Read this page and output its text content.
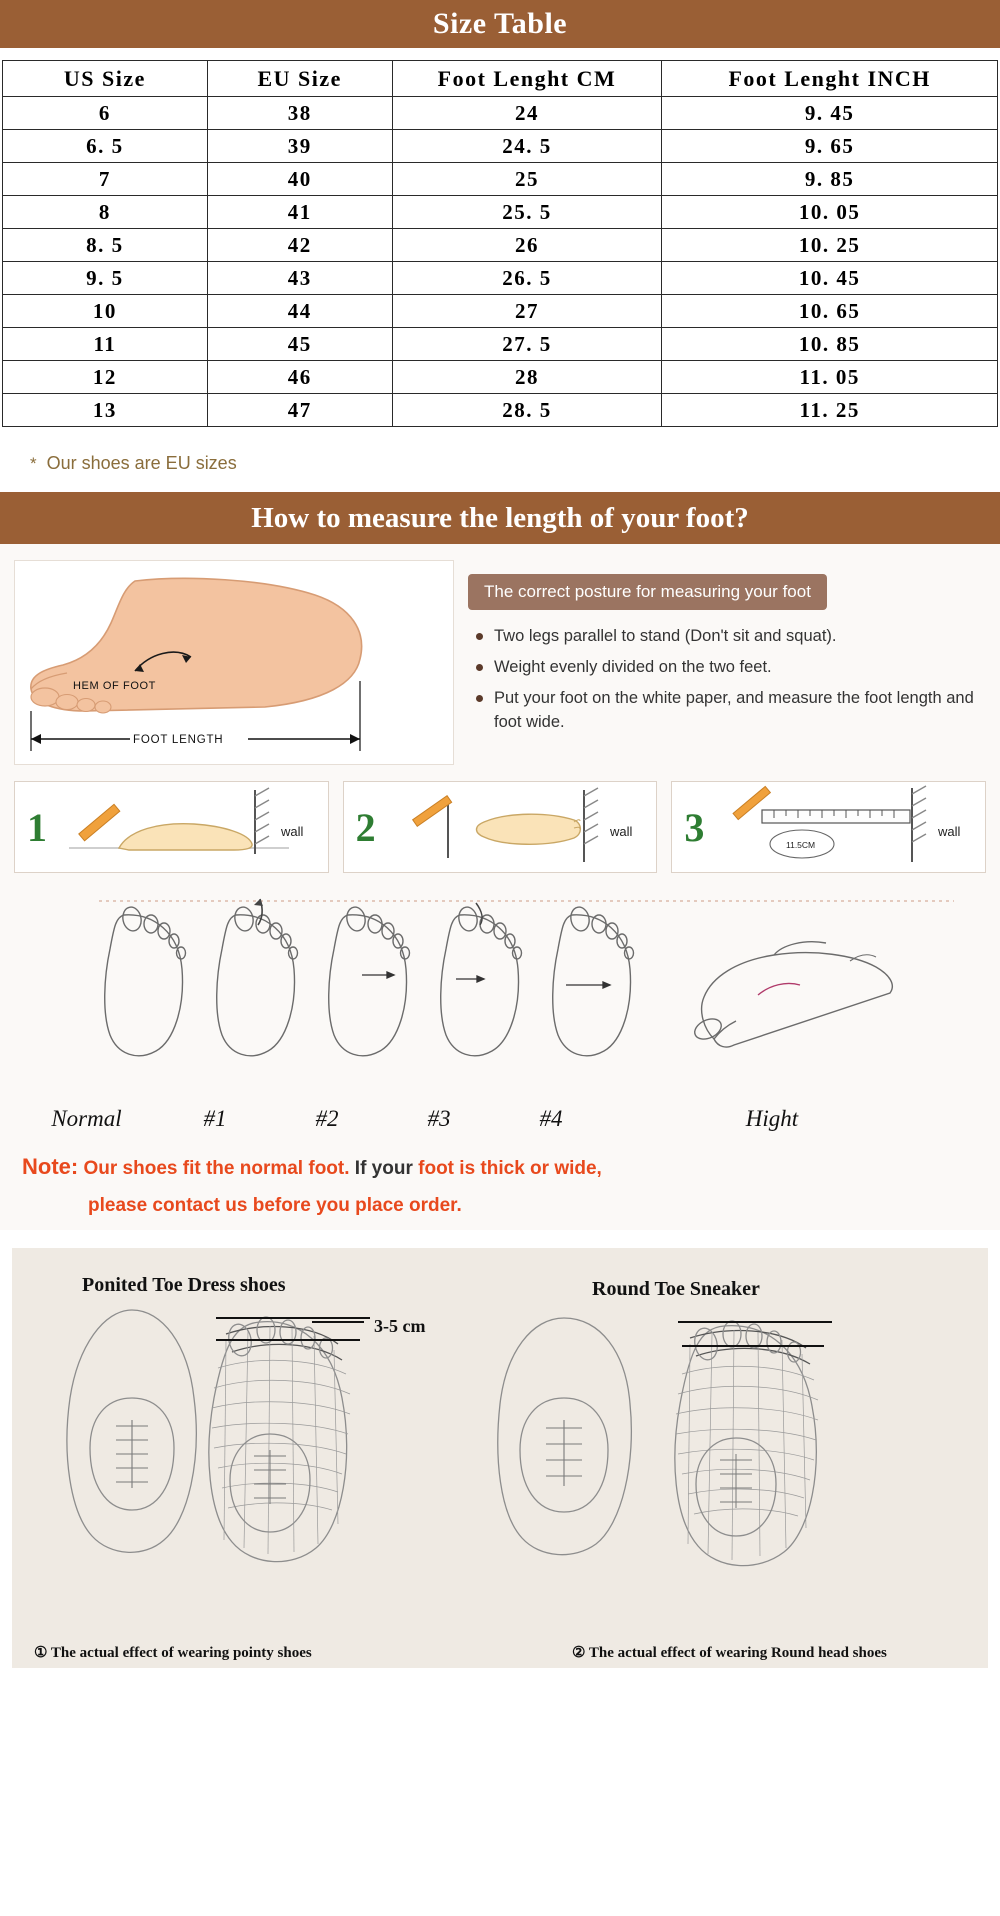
Size Table
US Size	EU Size	Foot Lenght CM	Foot Lenght INCH
6	38	24	9. 45
6. 5	39	24. 5	9. 65
7	40	25	9. 85
8	41	25. 5	10. 05
8. 5	42	26	10. 25
9. 5	43	26. 5	10. 45
10	44	27	10. 65
11	45	27. 5	10. 85
12	46	28	11. 05
13	47	28. 5	11. 25
* Our shoes are EU sizes
How to measure the length of your foot?
HEM OF FOOT
FOOT LENGTH
The correct posture for measuring your foot
Two legs parallel to stand (Don't sit and squat).
Weight evenly divided on the two feet.
Put your foot on the white paper, and measure the foot length and foot wide.
1	wall	2	wall	3	11.5CM
wall
Normal	#1	#2	#3	#4	Hight
Note: Our shoes fit the normal foot. If your foot is thick or wide,
please contact us before you place order.
Ponited Toe Dress shoes	Round Toe Sneaker
3-5 cm
① The actual effect of wearing pointy shoes	② The actual effect of wearing Round head shoes
